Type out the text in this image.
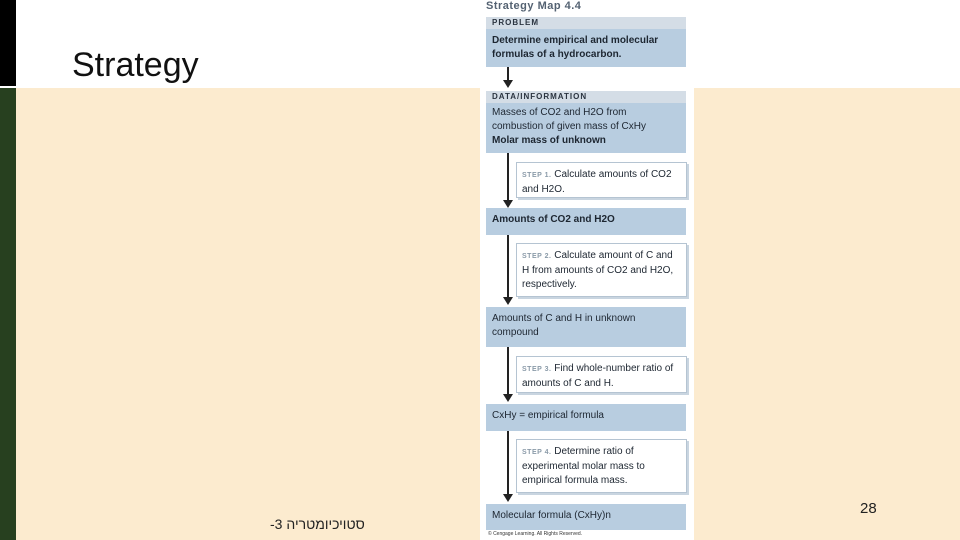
Strategy
Strategy Map 4.4
PROBLEM
Determine empirical and molecular formulas of a hydrocarbon.
DATA/INFORMATION
Masses of CO2 and H2O from combustion of given mass of CxHy
Molar mass of unknown
STEP 1. Calculate amounts of CO2 and H2O.
Amounts of CO2 and H2O
STEP 2. Calculate amount of C and H from amounts of CO2 and H2O, respectively.
Amounts of C and H in unknown compound
STEP 3. Find whole-number ratio of amounts of C and H.
CxHy = empirical formula
STEP 4. Determine ratio of experimental molar mass to empirical formula mass.
Molecular formula (CxHy)n
© Cengage Learning. All Rights Reserved.
28
סטויכיומטריה 3-
